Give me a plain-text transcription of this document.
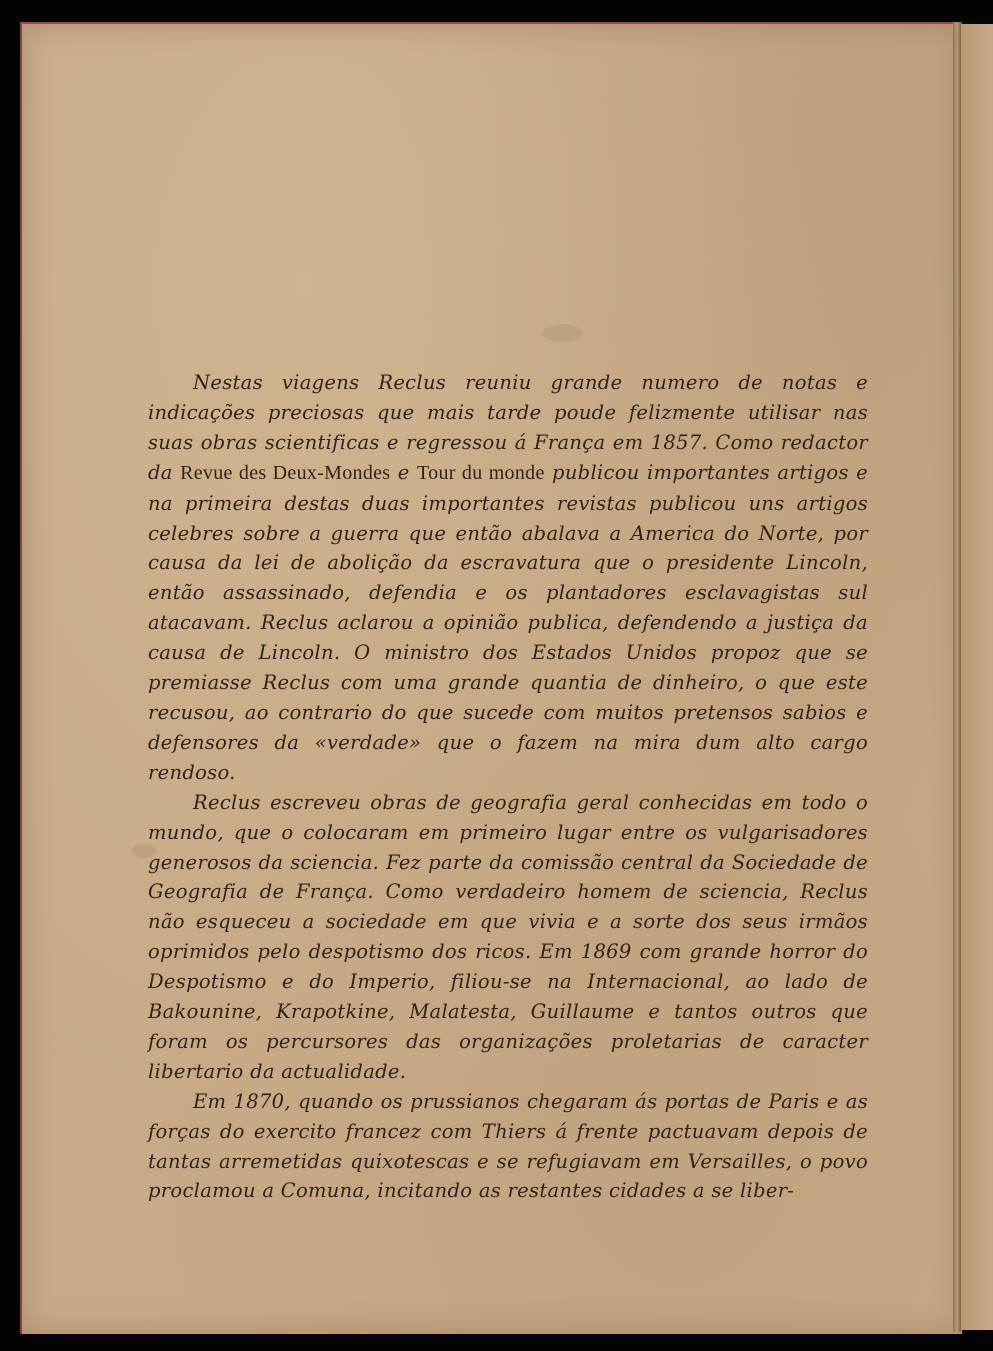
Nestas viagens Reclus reuniu grande numero de notas e indicações preciosas que mais tarde poude felizmente utilisar nas suas obras scientificas e regressou á França em 1857. Como redactor da Revue des Deux-Mondes e Tour du monde publicou importantes artigos e na primeira destas duas importantes revistas publicou uns artigos celebres sobre a guerra que então abalava a America do Norte, por causa da lei de abolição da escravatura que o presidente Lincoln, então assassinado, defendia e os plantadores esclavagistas sul atacavam. Reclus aclarou a opinião publica, defendendo a justiça da causa de Lincoln. O ministro dos Estados Unidos propoz que se premiasse Reclus com uma grande quantia de dinheiro, o que este recusou, ao contrario do que sucede com muitos pretensos sabios e defensores da «verdade» que o fazem na mira dum alto cargo rendoso.

Reclus escreveu obras de geografia geral conhecidas em todo o mundo, que o colocaram em primeiro lugar entre os vulgarisadores generosos da sciencia. Fez parte da comissão central da Sociedade de Geografia de França. Como verdadeiro homem de sciencia, Reclus não esqueceu a sociedade em que vivia e a sorte dos seus irmãos oprimidos pelo despotismo dos ricos. Em 1869 com grande horror do Despotismo e do Imperio, filiou-se na Internacional, ao lado de Bakounine, Krapotkine, Malatesta, Guillaume e tantos outros que foram os percursores das organizações proletarias de caracter libertario da actualidade.

Em 1870, quando os prussianos chegaram ás portas de Paris e as forças do exercito francez com Thiers á frente pactuavam depois de tantas arremetidas quixotescas e se refugiavam em Versailles, o povo proclamou a Comuna, incitando as restantes cidades a se liber-
